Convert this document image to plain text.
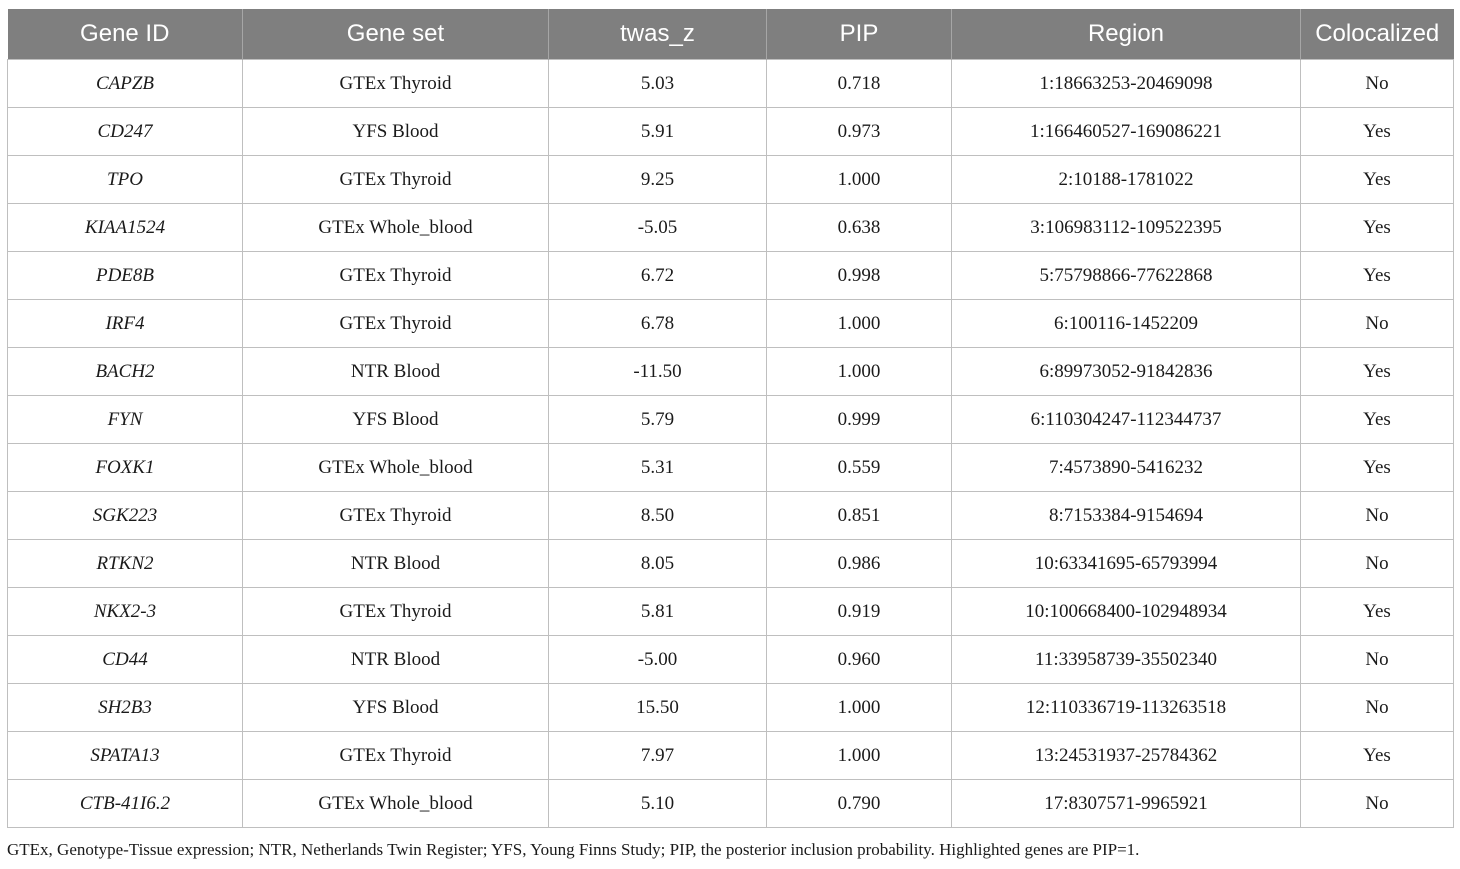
Gene ID	Gene set	twas_z	PIP	Region	Colocalized
CAPZB	GTEx Thyroid	5.03	0.718	1:18663253-20469098	No
CD247	YFS Blood	5.91	0.973	1:166460527-169086221	Yes
TPO	GTEx Thyroid	9.25	1.000	2:10188-1781022	Yes
KIAA1524	GTEx Whole_blood	-5.05	0.638	3:106983112-109522395	Yes
PDE8B	GTEx Thyroid	6.72	0.998	5:75798866-77622868	Yes
IRF4	GTEx Thyroid	6.78	1.000	6:100116-1452209	No
BACH2	NTR Blood	-11.50	1.000	6:89973052-91842836	Yes
FYN	YFS Blood	5.79	0.999	6:110304247-112344737	Yes
FOXK1	GTEx Whole_blood	5.31	0.559	7:4573890-5416232	Yes
SGK223	GTEx Thyroid	8.50	0.851	8:7153384-9154694	No
RTKN2	NTR Blood	8.05	0.986	10:63341695-65793994	No
NKX2-3	GTEx Thyroid	5.81	0.919	10:100668400-102948934	Yes
CD44	NTR Blood	-5.00	0.960	11:33958739-35502340	No
SH2B3	YFS Blood	15.50	1.000	12:110336719-113263518	No
SPATA13	GTEx Thyroid	7.97	1.000	13:24531937-25784362	Yes
CTB-41I6.2	GTEx Whole_blood	5.10	0.790	17:8307571-9965921	No
GTEx, Genotype-Tissue expression; NTR, Netherlands Twin Register; YFS, Young Finns Study; PIP, the posterior inclusion probability. Highlighted genes are PIP=1.
